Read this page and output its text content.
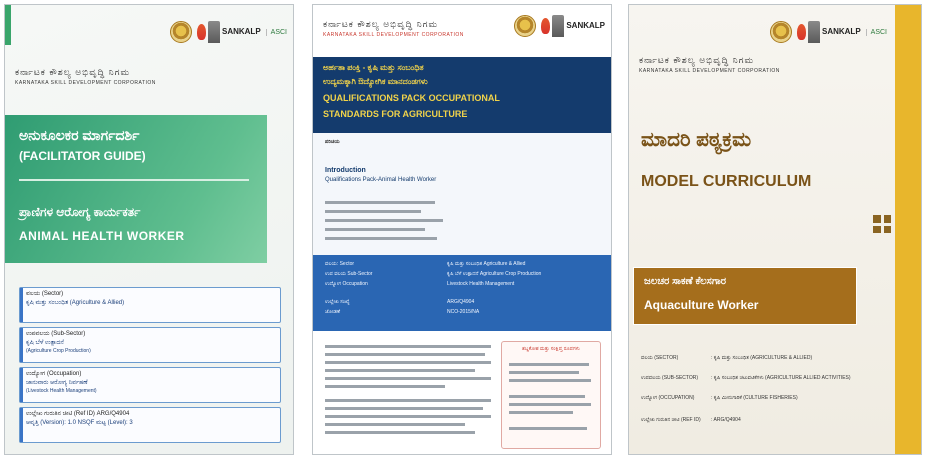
SANKALP	ASCI
ಕರ್ನಾಟಕ ಕೌಶಲ್ಯ ಅಭಿವೃದ್ಧಿ ನಿಗಮ
KARNATAKA SKILL DEVELOPMENT CORPORATION
ಅನುಕೂಲಕರ ಮಾರ್ಗದರ್ಶಿ
(FACILITATOR GUIDE)
ಪ್ರಾಣಿಗಳ ಆರೋಗ್ಯ ಕಾರ್ಯಕರ್ತ
ANIMAL HEALTH WORKER
ವಲಯ (Sector)
ಕೃಷಿ ಮತ್ತು ಸಂಬಂಧಿತ (Agriculture & Allied)
ಉಪವಲಯ (Sub-Sector)
ಕೃಷಿ ಬೆಳೆ ಉತ್ಪಾದನೆ
(Agriculture Crop Production)
ಉದ್ಯೋಗ (Occupation)
ಜಾನುವಾರು ಆರೋಗ್ಯ ನಿರ್ವಹಣೆ
(Livestock Health Management)
ಉಲ್ಲೇಖ ಗುರುತಿನ ಚೀಟಿ (Ref ID) ARG/Q4904
ಆವೃತ್ತಿ (Version): 1.0 NSQF ಮಟ್ಟ (Level): 3
ಕರ್ನಾಟಕ ಕೌಶಲ್ಯ ಅಭಿವೃದ್ಧಿ ನಿಗಮ
KARNATAKA SKILL DEVELOPMENT CORPORATION
SANKALP
ಅರ್ಹತಾ ಪಂಕ್ತಿ - ಕೃಷಿ ಮತ್ತು ಸಂಬಂಧಿತ
ಉದ್ಯಮಕ್ಕಾಗಿ ಔದ್ಯೋಗಿಕ ಮಾನದಂಡಗಳು
QUALIFICATIONS PACK OCCUPATIONAL
STANDARDS FOR AGRICULTURE
ಪರಿಚಯ
Introduction
Qualifications Pack-Animal Health Worker
ವಲಯ: Sector	ಕೃಷಿ ಮತ್ತು ಸಂಬಂಧಿತ Agriculture & Allied
ಉಪ ವಲಯ Sub-Sector	ಕೃಷಿ ಬೆಳೆ ಉತ್ಪಾದನೆ Agriculture Crop Production
ಉದ್ಯೋಗ Occupation	Livestock Health Management
ಉಲ್ಲೇಖ ಸಂಖ್ಯೆ	ARG/Q4904
ಜೋಡಣೆ	NCO-2015/NA
ಶಬ್ದಕೋಶ ಮತ್ತು ಸಂಕ್ಷಿಪ್ತ ರೂಪಗಳು
SANKALP	ASCI
ಕರ್ನಾಟಕ ಕೌಶಲ್ಯ ಅಭಿವೃದ್ಧಿ ನಿಗಮ
KARNATAKA SKILL DEVELOPMENT CORPORATION
ಮಾದರಿ ಪಠ್ಯಕ್ರಮ
MODEL CURRICULUM
ಜಲಚರ ಸಾಕಣೆ ಕೆಲಸಗಾರ
Aquaculture Worker
ವಲಯ (SECTOR)	: ಕೃಷಿ ಮತ್ತು ಸಂಬಂಧಿತ (AGRICULTURE & ALLIED)
ಉಪವಲಯ (SUB-SECTOR)	: ಕೃಷಿ ಸಂಬಂಧಿತ ಚಟುವಟಿಕೆಗಳು (AGRICULTURE ALLIED ACTIVITIES)
ಉದ್ಯೋಗ (OCCUPATION)	: ಕೃಷಿ ಮೀನುಗಾರಿಕೆ (CULTURE FISHERIES)
ಉಲ್ಲೇಖ ಗುರುತಿನ ಚೀಟಿ (REF ID) : ARG/Q4904
